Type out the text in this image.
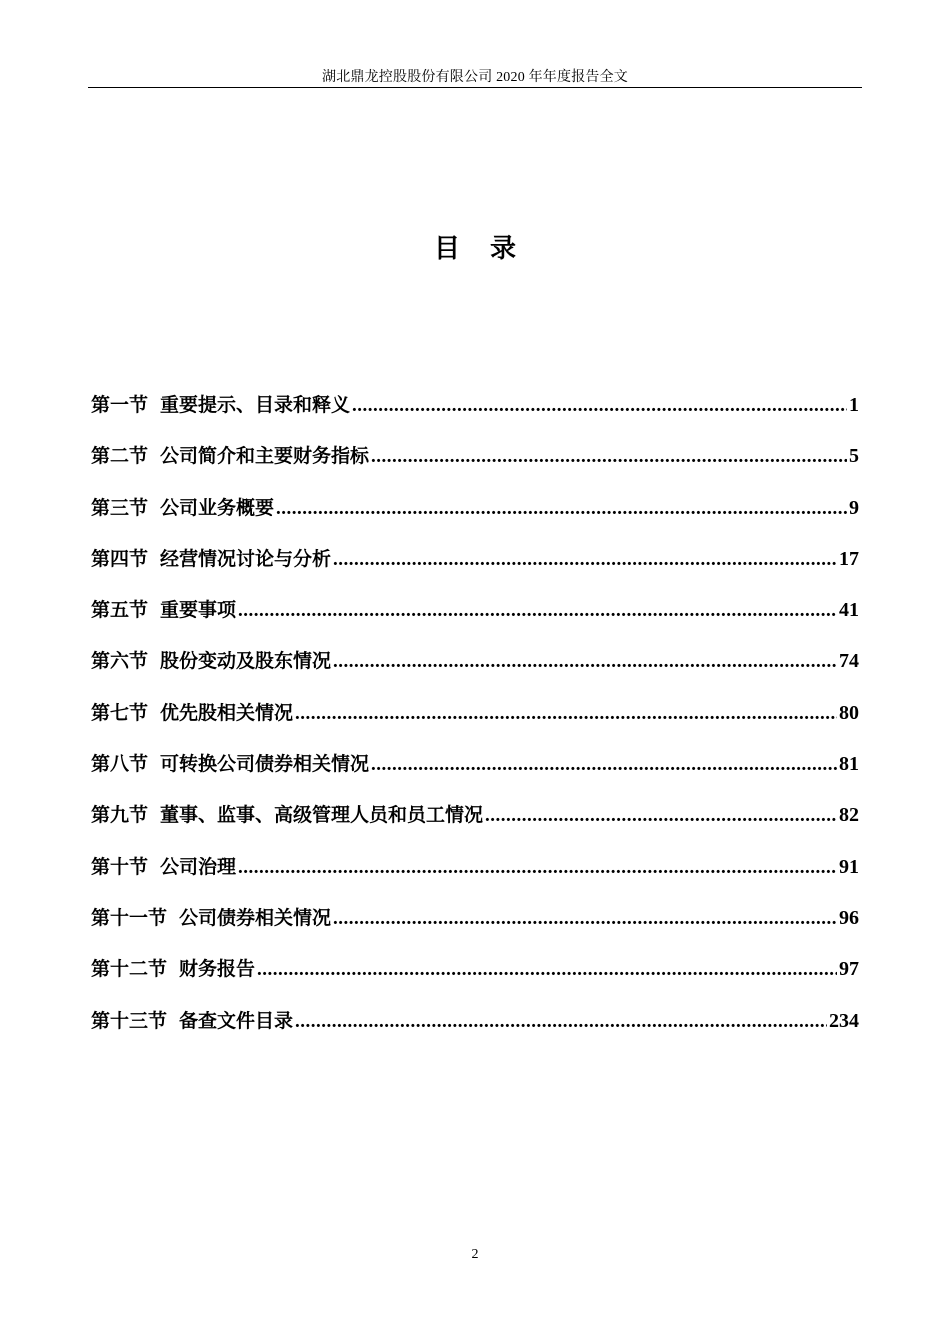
湖北鼎龙控股股份有限公司 2020 年年度报告全文
目录
第一节 重要提示、目录和释义 .....	1
第二节 公司简介和主要财务指标 .....	5
第三节 公司业务概要 .....	9
第四节 经营情况讨论与分析 .....	17
第五节 重要事项 .....	41
第六节 股份变动及股东情况 .....	74
第七节 优先股相关情况 .....	80
第八节 可转换公司债券相关情况 .....	81
第九节 董事、监事、高级管理人员和员工情况 .....	82
第十节 公司治理 .....	91
第十一节 公司债券相关情况 .....	96
第十二节 财务报告 .....	97
第十三节 备查文件目录 .....	234
2
